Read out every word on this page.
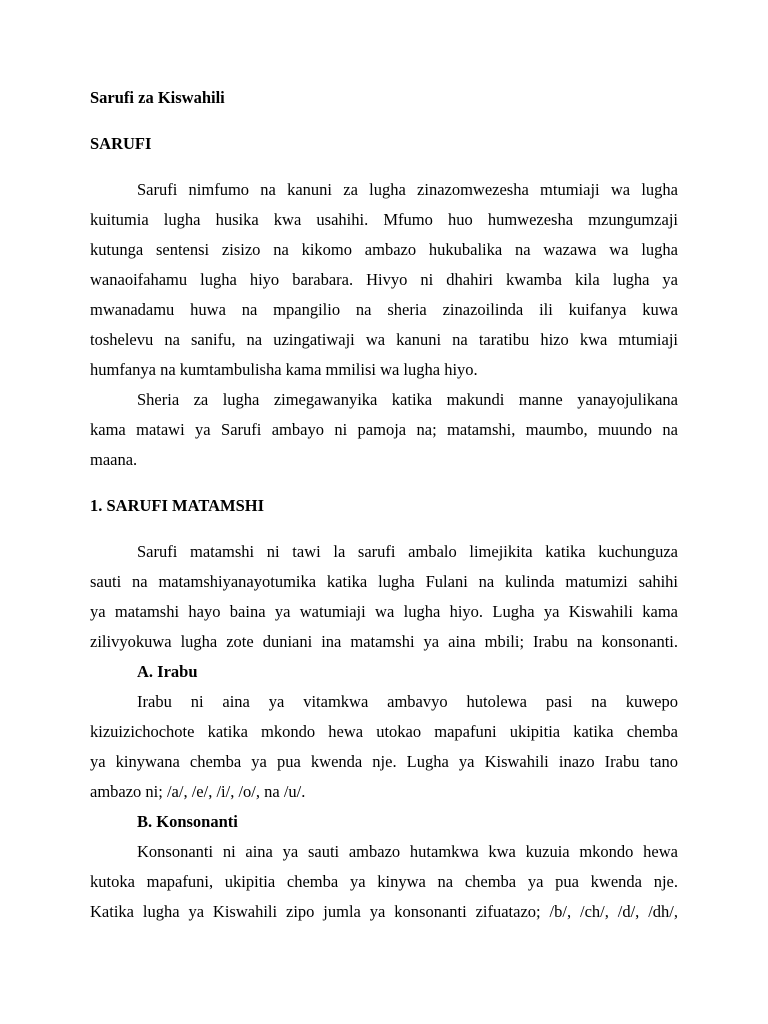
Sarufi za Kiswahili
SARUFI
Sarufi nimfumo na kanuni za lugha zinazomwezesha mtumiaji wa lugha
kuitumia lugha husika kwa usahihi. Mfumo huo humwezesha mzungumzaji
kutunga sentensi zisizo na kikomo ambazo hukubalika na wazawa wa lugha
wanaoifahamu lugha hiyo barabara. Hivyo ni dhahiri kwamba kila lugha ya
mwanadamu huwa na mpangilio na sheria zinazoilinda ili kuifanya kuwa
toshelevu na sanifu, na uzingatiwaji wa kanuni na taratibu hizo kwa mtumiaji
humfanya na kumtambulisha kama mmilisi wa lugha hiyo.
Sheria za lugha zimegawanyika katika makundi manne yanayojulikana
kama matawi ya Sarufi ambayo ni pamoja na; matamshi, maumbo, muundo na
maana.
1. SARUFI MATAMSHI
Sarufi matamshi ni tawi la sarufi ambalo limejikita katika kuchunguza
sauti na matamshiyanayotumika katika lugha Fulani na kulinda matumizi sahihi
ya matamshi hayo baina ya watumiaji wa lugha hiyo. Lugha ya Kiswahili kama
zilivyokuwa lugha zote duniani ina matamshi ya aina mbili; Irabu na konsonanti.
A. Irabu
Irabu ni aina ya vitamkwa ambavyo hutolewa pasi na kuwepo
kizuizichochote katika mkondo hewa utokao mapafuni ukipitia katika chemba
ya kinywana chemba ya pua kwenda nje. Lugha ya Kiswahili inazo Irabu tano
ambazo ni; /a/, /e/, /i/, /o/, na /u/.
B. Konsonanti
Konsonanti ni aina ya sauti ambazo hutamkwa kwa kuzuia mkondo hewa
kutoka mapafuni, ukipitia chemba ya kinywa na chemba ya pua kwenda nje.
Katika lugha ya Kiswahili zipo jumla ya konsonanti zifuatazo; /b/, /ch/, /d/, /dh/,
